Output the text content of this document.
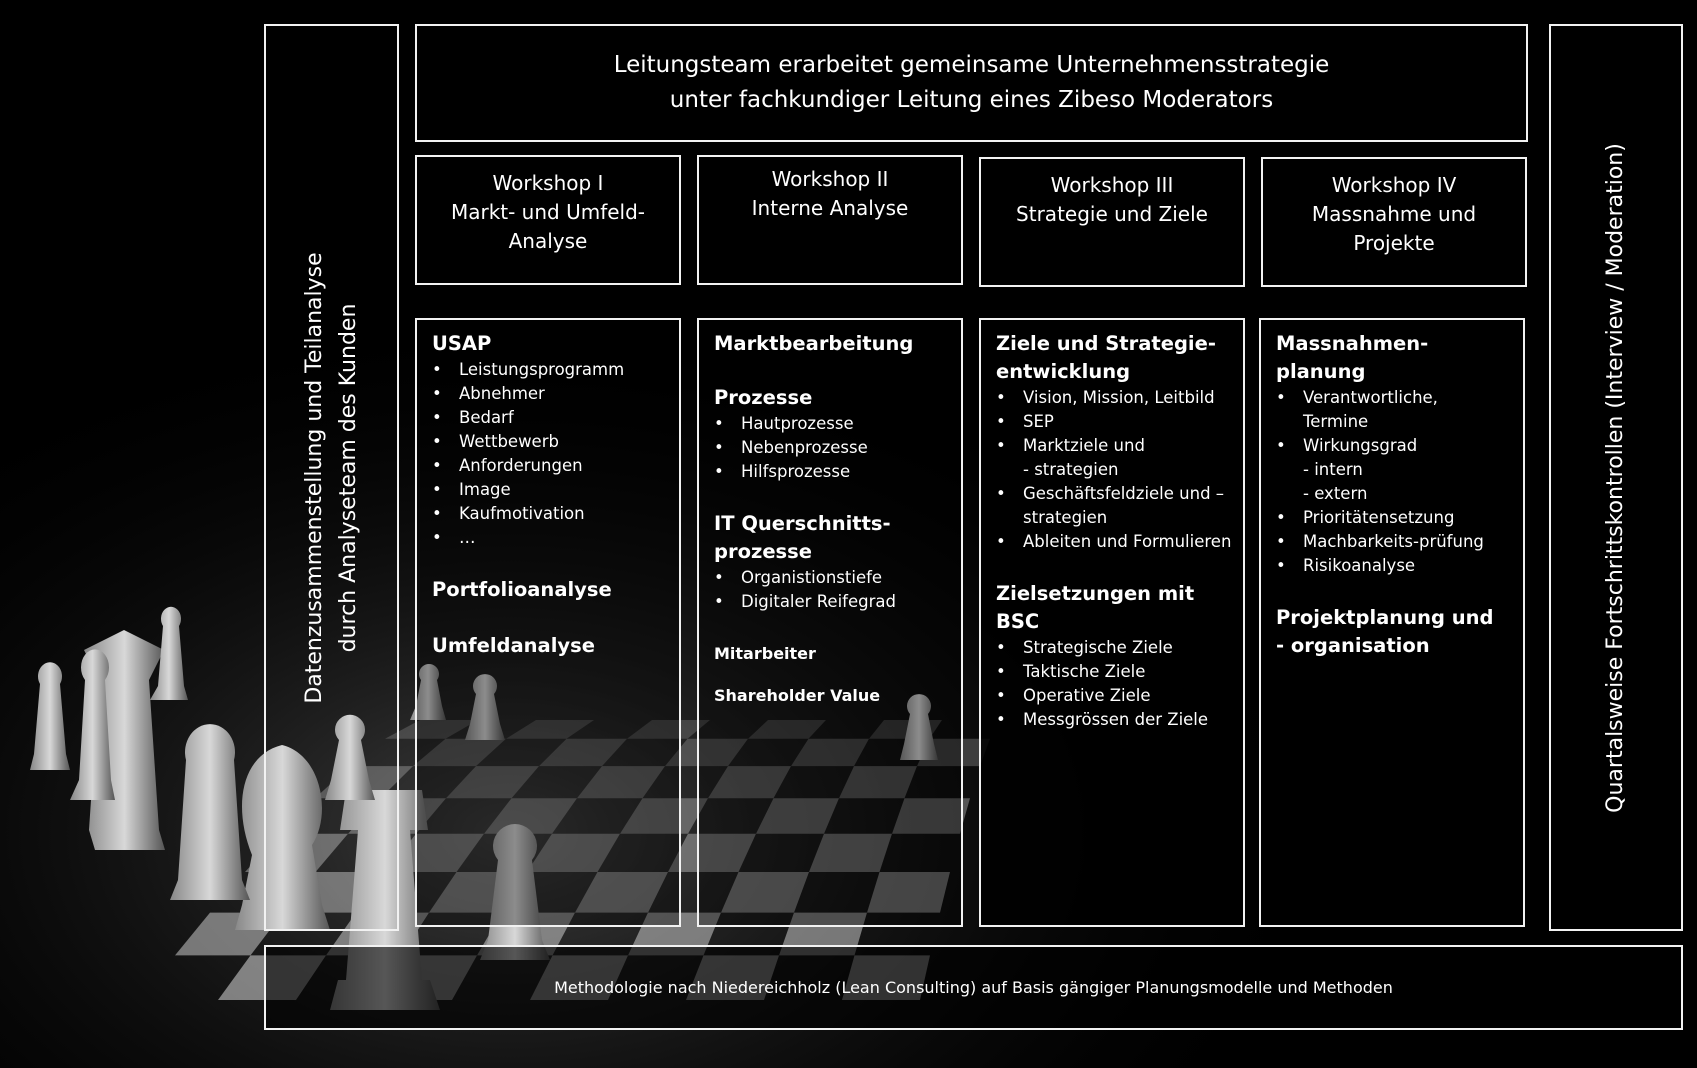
Datenzusammenstellung und Teilanalyse durch Analyseteam des Kunden	Quartalsweise Fortschrittskontrollen (Interview / Moderation)
Leitungsteam erarbeitet gemeinsame Unternehmensstrategie
unter fachkundiger Leitung eines Zibeso Moderators
Workshop I
Markt- und Umfeld-
Analyse
Workshop II
Interne Analyse
Workshop III
Strategie und Ziele
Workshop IV
Massnahme und
Projekte
USAP
• Leistungsprogramm
• Abnehmer
• Bedarf
• Wettbewerb
• Anforderungen
• Image
• Kaufmotivation
• …
Portfolioanalyse
Umfeldanalyse
Marktbearbeitung
Prozesse
• Hautprozesse
• Nebenprozesse
• Hilfsprozesse
IT Querschnitts-
prozesse
• Organistionstiefe
• Digitaler Reifegrad
Mitarbeiter
Shareholder Value
Ziele und Strategie-
entwicklung
• Vision, Mission, Leitbild
• SEP
• Marktziele und
- strategien
• Geschäftsfeldziele und –
strategien
• Ableiten und Formulieren
Zielsetzungen mit BSC
• Strategische Ziele
• Taktische Ziele
• Operative Ziele
• Messgrössen der Ziele
Massnahmen-planung
• Verantwortliche,
Termine
• Wirkungsgrad
- intern
- extern
• Prioritätensetzung
• Machbarkeits-prüfung
• Risikoanalyse
Projektplanung und
- organisation
Methodologie nach Niedereichholz (Lean Consulting) auf Basis gängiger Planungsmodelle und Methoden
